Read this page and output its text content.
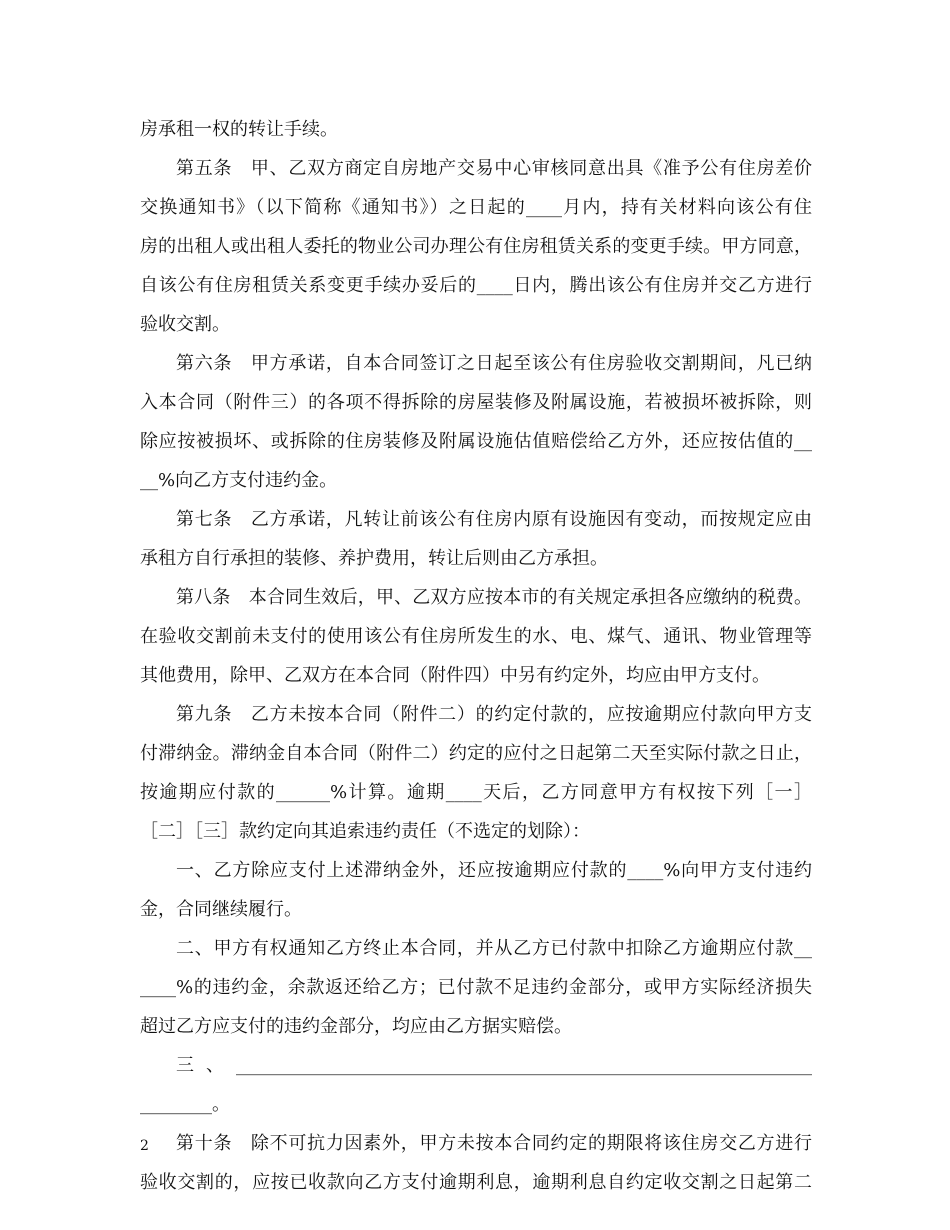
房承租一权的转让手续。
第五条　甲、乙双方商定自房地产交易中心审核同意出具《准予公有住房差价
交换通知书》（以下简称《通知书》）之日起的____月内，持有关材料向该公有住
房的出租人或出租人委托的物业公司办理公有住房租赁关系的变更手续。甲方同意，
自该公有住房租赁关系变更手续办妥后的____日内，腾出该公有住房并交乙方进行
验收交割。
第六条　甲方承诺，自本合同签订之日起至该公有住房验收交割期间，凡已纳
入本合同（附件三）的各项不得拆除的房屋装修及附属设施，若被损坏被拆除，则
除应按被损坏、或拆除的住房装修及附属设施估值赔偿给乙方外，还应按估值的__
__%向乙方支付违约金。
第七条　乙方承诺，凡转让前该公有住房内原有设施因有变动，而按规定应由
承租方自行承担的装修、养护费用，转让后则由乙方承担。
第八条　本合同生效后，甲、乙双方应按本市的有关规定承担各应缴纳的税费。
在验收交割前未支付的使用该公有住房所发生的水、电、煤气、通讯、物业管理等
其他费用，除甲、乙双方在本合同（附件四）中另有约定外，均应由甲方支付。
第九条　乙方未按本合同（附件二）的约定付款的，应按逾期应付款向甲方支
付滞纳金。滞纳金自本合同（附件二）约定的应付之日起第二天至实际付款之日止，
按逾期应付款的______%计算。逾期____天后，乙方同意甲方有权按下列［一］
［二］［三］款约定向其追索违约责任（不选定的划除）：
一、乙方除应支付上述滞纳金外，还应按逾期应付款的____%向甲方支付违约
金，合同继续履行。
二、甲方有权通知乙方终止本合同，并从乙方已付款中扣除乙方逾期应付款__
____%的违约金，余款返还给乙方；已付款不足违约金部分，或甲方实际经济损失
超过乙方应支付的违约金部分，均应由乙方据实赔偿。
三、________________________________________________________________
________。
第十条　除不可抗力因素外，甲方未按本合同约定的期限将该住房交乙方进行
验收交割的，应按已收款向乙方支付逾期利息，逾期利息自约定收交割之日起第二
2
